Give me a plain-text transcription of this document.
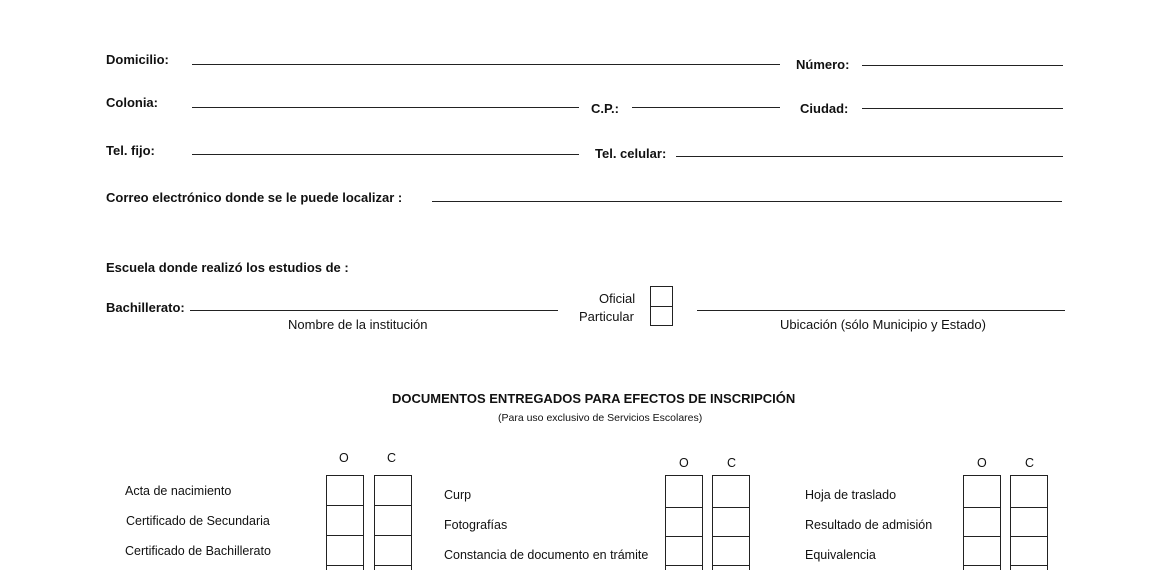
Domicilio:	Número:
Colonia:	C.P.:	Ciudad:
Tel. fijo:	Tel. celular:
Correo electrónico donde se le puede localizar :
Escuela donde realizó los estudios de :
Bachillerato:
Nombre de la institución
Oficial
Particular
Ubicación (sólo Municipio y Estado)
DOCUMENTOS ENTREGADOS PARA EFECTOS DE INSCRIPCIÓN
(Para uso exclusivo de Servicios Escolares)
O	C
Acta de nacimiento
Certificado de Secundaria
Certificado de Bachillerato
O	C
Curp
Fotografías
Constancia de documento en trámite
O	C
Hoja de traslado
Resultado de admisión
Equivalencia
